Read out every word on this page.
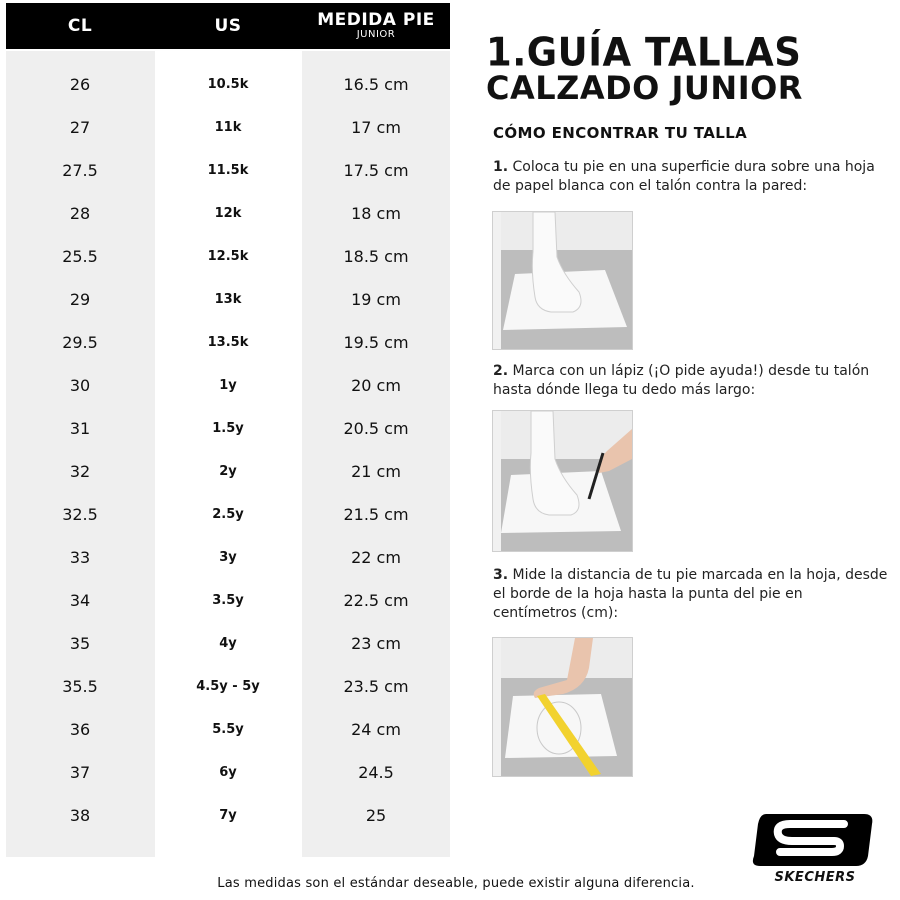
CL	US	MEDIDA PIE
JUNIOR
26	10.5k	16.5 cm
27	11k	17 cm
27.5	11.5k	17.5 cm
28	12k	18 cm
25.5	12.5k	18.5 cm
29	13k	19 cm
29.5	13.5k	19.5 cm
30	1y	20 cm
31	1.5y	20.5 cm
32	2y	21 cm
32.5	2.5y	21.5 cm
33	3y	22 cm
34	3.5y	22.5 cm
35	4y	23 cm
35.5	4.5y - 5y	23.5 cm
36	5.5y	24 cm
37	6y	24.5
38	7y	25
1.GUÍA TALLAS
CALZADO JUNIOR
CÓMO ENCONTRAR TU TALLA
1. Coloca tu pie en una superficie dura sobre una hoja de papel blanca con el talón contra la pared:
2. Marca con un lápiz (¡O pide ayuda!) desde tu talón hasta dónde llega tu dedo más largo:
3. Mide la distancia de tu pie marcada en la hoja, desde el borde de la hoja hasta la punta del pie en centímetros (cm):
Las medidas son el estándar deseable, puede existir alguna diferencia.	SKECHERS
